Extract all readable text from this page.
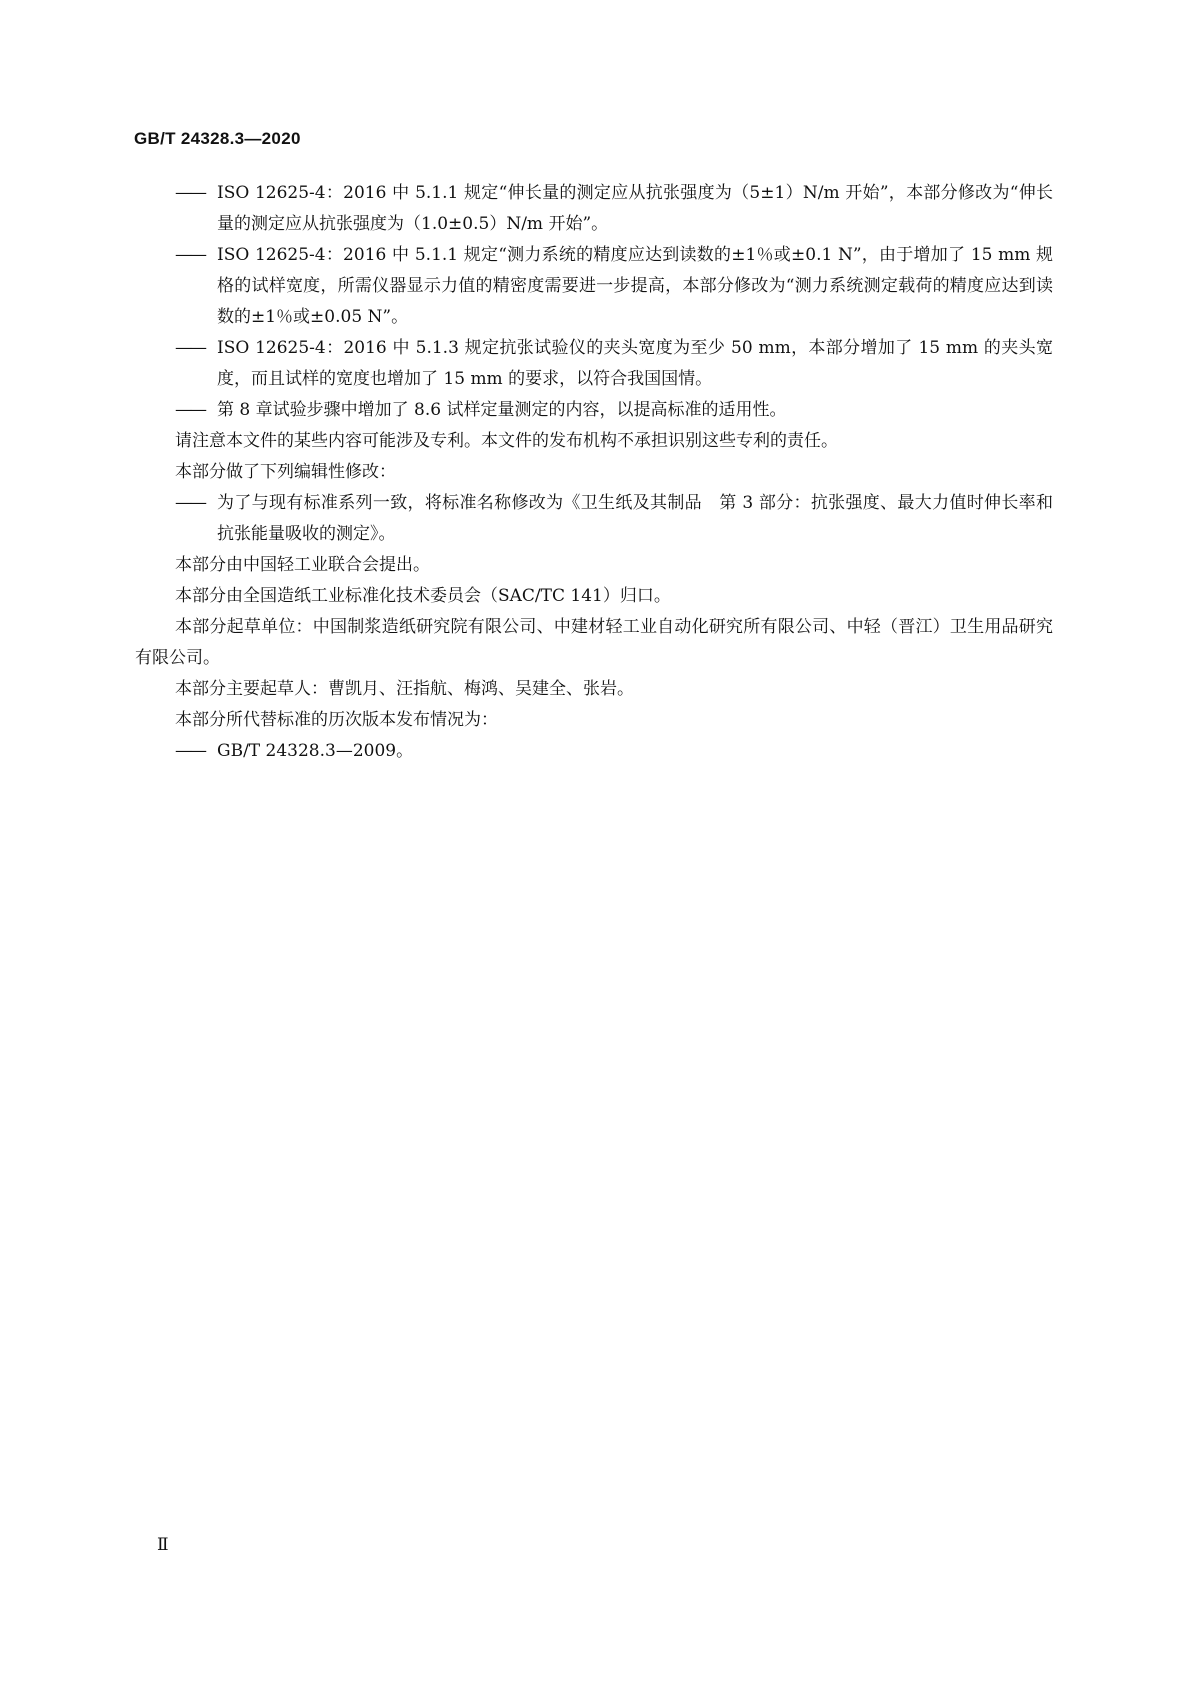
GB/T 24328.3—2020
—— ISO 12625-4：2016 中 5.1.1 规定“伸长量的测定应从抗张强度为（5±1）N/m 开始”，本部分修改为“伸长量的测定应从抗张强度为（1.0±0.5）N/m 开始”。
—— ISO 12625-4：2016 中 5.1.1 规定“测力系统的精度应达到读数的±1％或±0.1 N”，由于增加了 15 mm 规格的试样宽度，所需仪器显示力值的精密度需要进一步提高，本部分修改为“测力系统测定载荷的精度应达到读数的±1％或±0.05 N”。
—— ISO 12625-4：2016 中 5.1.3 规定抗张试验仪的夹头宽度为至少 50 mm，本部分增加了 15 mm 的夹头宽度，而且试样的宽度也增加了 15 mm 的要求，以符合我国国情。
—— 第 8 章试验步骤中增加了 8.6 试样定量测定的内容，以提高标准的适用性。

请注意本文件的某些内容可能涉及专利。本文件的发布机构不承担识别这些专利的责任。

本部分做了下列编辑性修改：

—— 为了与现有标准系列一致，将标准名称修改为《卫生纸及其制品　第 3 部分：抗张强度、最大力值时伸长率和抗张能量吸收的测定》。

本部分由中国轻工业联合会提出。

本部分由全国造纸工业标准化技术委员会（SAC/TC 141）归口。

本部分起草单位：中国制浆造纸研究院有限公司、中建材轻工业自动化研究所有限公司、中轻（晋江）卫生用品研究有限公司。

本部分主要起草人：曹凯月、汪指航、梅鸿、吴建全、张岩。

本部分所代替标准的历次版本发布情况为：

—— GB/T 24328.3—2009。
Ⅱ
